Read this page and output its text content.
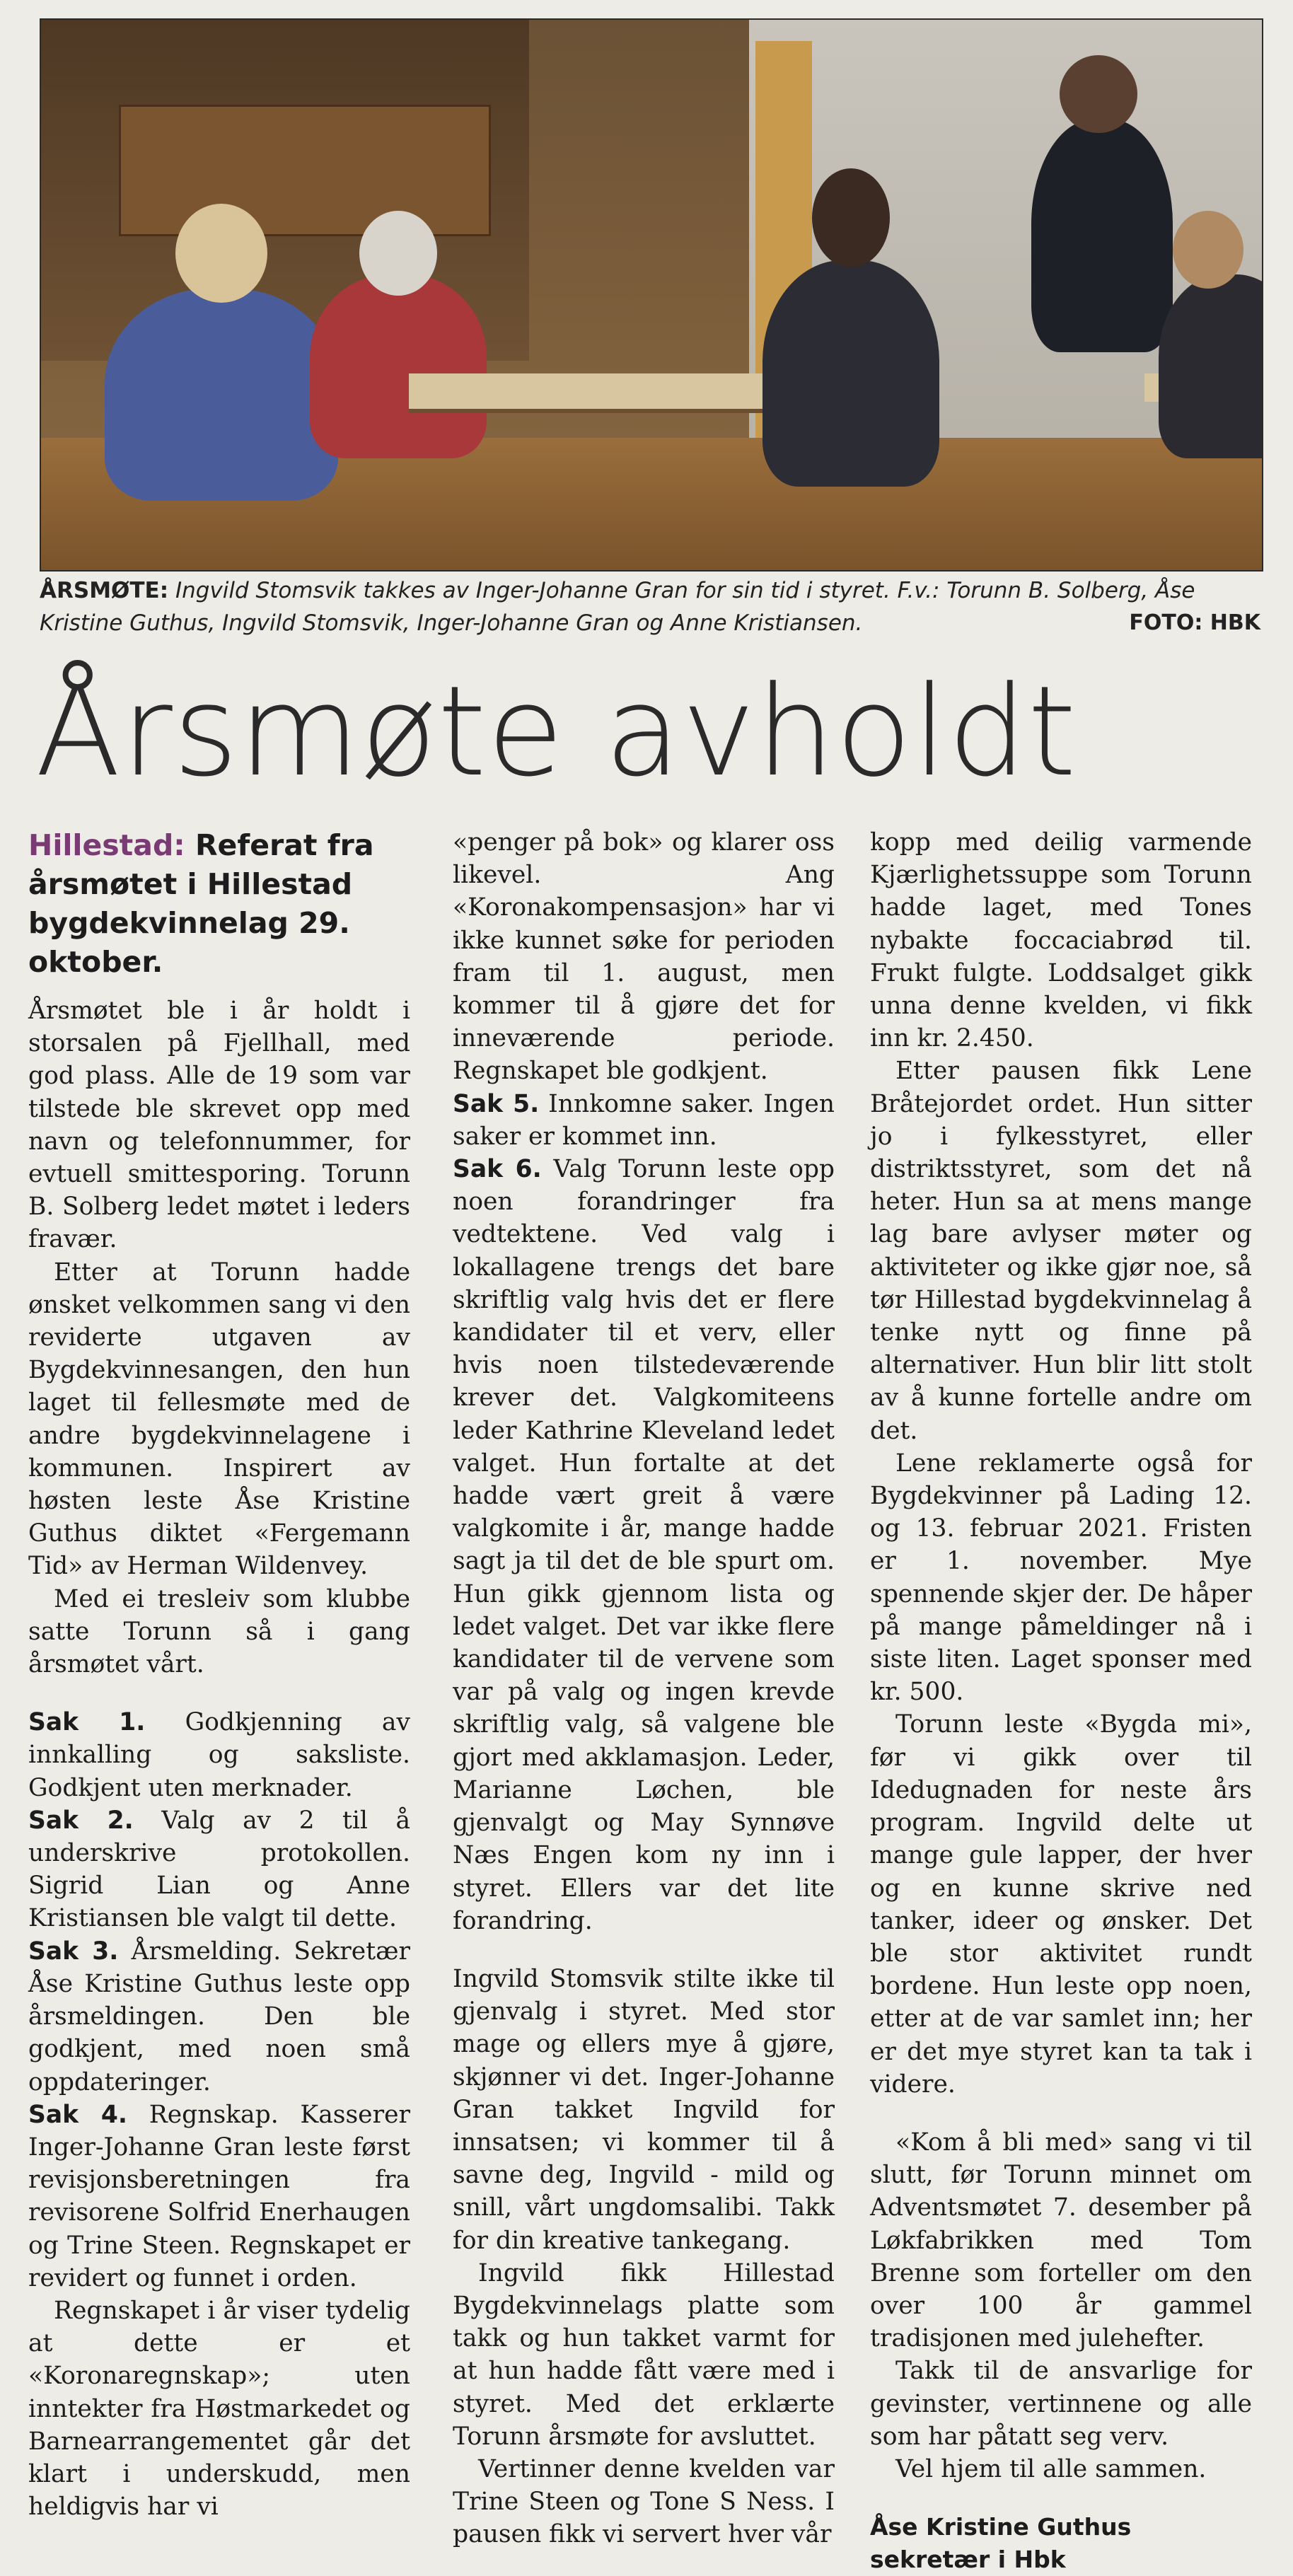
ÅRSMØTE: Ingvild Stomsvik takkes av Inger-Johanne Gran for sin tid i styret. F.v.: Torunn B. Solberg, Åse Kristine Guthus, Ingvild Stomsvik, Inger-Johanne Gran og Anne Kristiansen.	FOTO: HBK
Årsmøte avholdt
Hillestad: Referat fra årsmøtet i Hillestad bygdekvinnelag 29. oktober.

Årsmøtet ble i år holdt i storsalen på Fjellhall, med god plass. Alle de 19 som var tilstede ble skrevet opp med navn og telefonnummer, for evtuell smittesporing. Torunn B. Solberg ledet møtet i leders fravær.

Etter at Torunn hadde ønsket velkommen sang vi den reviderte utgaven av Bygdekvinnesangen, den hun laget til fellesmøte med de andre bygdekvinnelagene i kommunen. Inspirert av høsten leste Åse Kristine Guthus diktet «Fergemann Tid» av Herman Wildenvey.

Med ei tresleiv som klubbe satte Torunn så i gang årsmøtet vårt.

Sak 1. Godkjenning av innkalling og saksliste. Godkjent uten merknader.

Sak 2. Valg av 2 til å underskrive protokollen. Sigrid Lian og Anne Kristiansen ble valgt til dette.

Sak 3. Årsmelding. Sekretær Åse Kristine Guthus leste opp årsmeldingen. Den ble godkjent, med noen små oppdateringer.

Sak 4. Regnskap. Kasserer Inger-Johanne Gran leste først revisjonsberetningen fra revisorene Solfrid Enerhaugen og Trine Steen. Regnskapet er revidert og funnet i orden.

Regnskapet i år viser tydelig at dette er et «Koronaregnskap»; uten inntekter fra Høstmarkedet og Barnearrangementet går det klart i underskudd, men heldigvis har vi

«penger på bok» og klarer oss likevel. Ang «Koronakompensasjon» har vi ikke kunnet søke for perioden fram til 1. august, men kommer til å gjøre det for inneværende periode. Regnskapet ble godkjent.

Sak 5. Innkomne saker. Ingen saker er kommet inn.

Sak 6. Valg Torunn leste opp noen forandringer fra vedtektene. Ved valg i lokallagene trengs det bare skriftlig valg hvis det er flere kandidater til et verv, eller hvis noen tilstedeværende krever det. Valgkomiteens leder Kathrine Kleveland ledet valget. Hun fortalte at det hadde vært greit å være valgkomite i år, mange hadde sagt ja til det de ble spurt om. Hun gikk gjennom lista og ledet valget. Det var ikke flere kandidater til de vervene som var på valg og ingen krevde skriftlig valg, så valgene ble gjort med akklamasjon. Leder, Marianne Løchen, ble gjenvalgt og May Synnøve Næs Engen kom ny inn i styret. Ellers var det lite forandring.

Ingvild Stomsvik stilte ikke til gjenvalg i styret. Med stor mage og ellers mye å gjøre, skjønner vi det. Inger-Johanne Gran takket Ingvild for innsatsen; vi kommer til å savne deg, Ingvild - mild og snill, vårt ungdomsalibi. Takk for din kreative tankegang.

Ingvild fikk Hillestad Bygdekvinnelags platte som takk og hun takket varmt for at hun hadde fått være med i styret. Med det erklærte Torunn årsmøte for avsluttet.

Vertinner denne kvelden var Trine Steen og Tone S Ness. I pausen fikk vi servert hver vår

kopp med deilig varmende Kjærlighetssuppe som Torunn hadde laget, med Tones nybakte foccaciabrød til. Frukt fulgte. Loddsalget gikk unna denne kvelden, vi fikk inn kr. 2.450.

Etter pausen fikk Lene Bråtejordet ordet. Hun sitter jo i fylkesstyret, eller distriktsstyret, som det nå heter. Hun sa at mens mange lag bare avlyser møter og aktiviteter og ikke gjør noe, så tør Hillestad bygdekvinnelag å tenke nytt og finne på alternativer. Hun blir litt stolt av å kunne fortelle andre om det.

Lene reklamerte også for Bygdekvinner på Lading 12. og 13. februar 2021. Fristen er 1. november. Mye spennende skjer der. De håper på mange påmeldinger nå i siste liten. Laget sponser med kr. 500.

Torunn leste «Bygda mi», før vi gikk over til Idedugnaden for neste års program. Ingvild delte ut mange gule lapper, der hver og en kunne skrive ned tanker, ideer og ønsker. Det ble stor aktivitet rundt bordene. Hun leste opp noen, etter at de var samlet inn; her er det mye styret kan ta tak i videre.

«Kom å bli med» sang vi til slutt, før Torunn minnet om Adventsmøtet 7. desember på Løkfabrikken med Tom Brenne som forteller om den over 100 år gammel tradisjonen med julehefter.

Takk til de ansvarlige for gevinster, vertinnene og alle som har påtatt seg verv.

Vel hjem til alle sammen.

Åse Kristine Guthus
sekretær i Hbk
